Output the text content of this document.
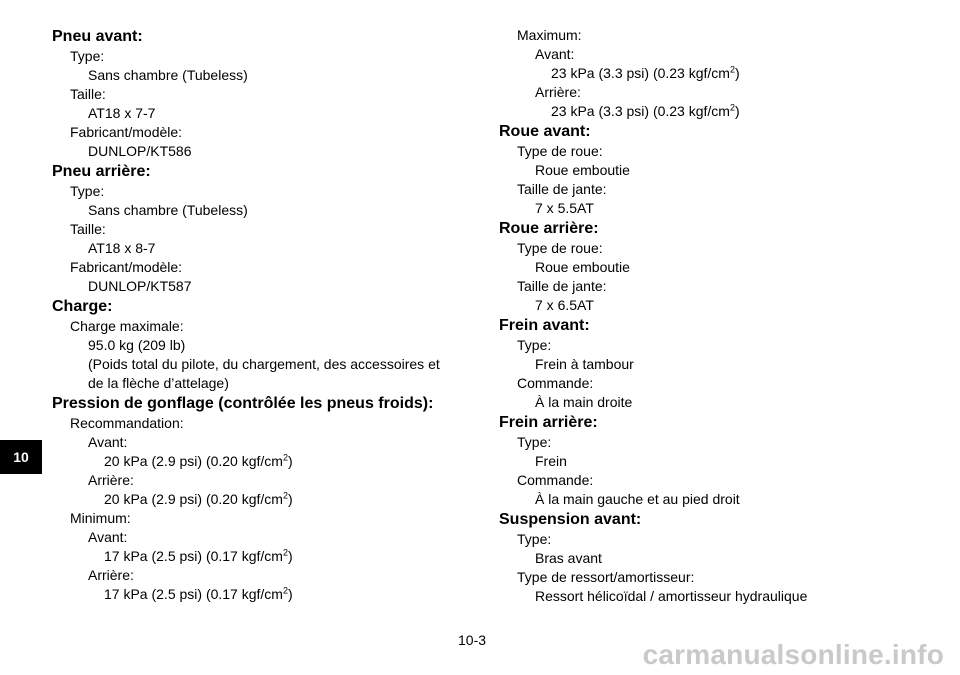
Pneu avant:
Type:
Sans chambre (Tubeless)
Taille:
AT18 x 7-7
Fabricant/modèle:
DUNLOP/KT586
Pneu arrière:
Type:
Sans chambre (Tubeless)
Taille:
AT18 x 8-7
Fabricant/modèle:
DUNLOP/KT587
Charge:
Charge maximale:
95.0 kg (209 lb)
(Poids total du pilote, du chargement, des accessoires et
de la flèche d’attelage)
Pression de gonflage (contrôlée les pneus froids):
Recommandation:
Avant:
20 kPa (2.9 psi) (0.20 kgf/$cm^2$)
Arrière:
20 kPa (2.9 psi) (0.20 kgf/$cm^2$)
Minimum:
Avant:
17 kPa (2.5 psi) (0.17 kgf/$cm^2$)
Arrière:
17 kPa (2.5 psi) (0.17 kgf/$cm^2$)
Maximum:
Avant:
23 kPa (3.3 psi) (0.23 kgf/$cm^2$)
Arrière:
23 kPa (3.3 psi) (0.23 kgf/$cm^2$)
Roue avant:
Type de roue:
Roue emboutie
Taille de jante:
7 x 5.5AT
Roue arrière:
Type de roue:
Roue emboutie
Taille de jante:
7 x 6.5AT
Frein avant:
Type:
Frein à tambour
Commande:
À la main droite
Frein arrière:
Type:
Frein
Commande:
À la main gauche et au pied droit
Suspension avant:
Type:
Bras avant
Type de ressort/amortisseur:
Ressort hélicoïdal / amortisseur hydraulique
10
10-3	carmanualsonline.info
